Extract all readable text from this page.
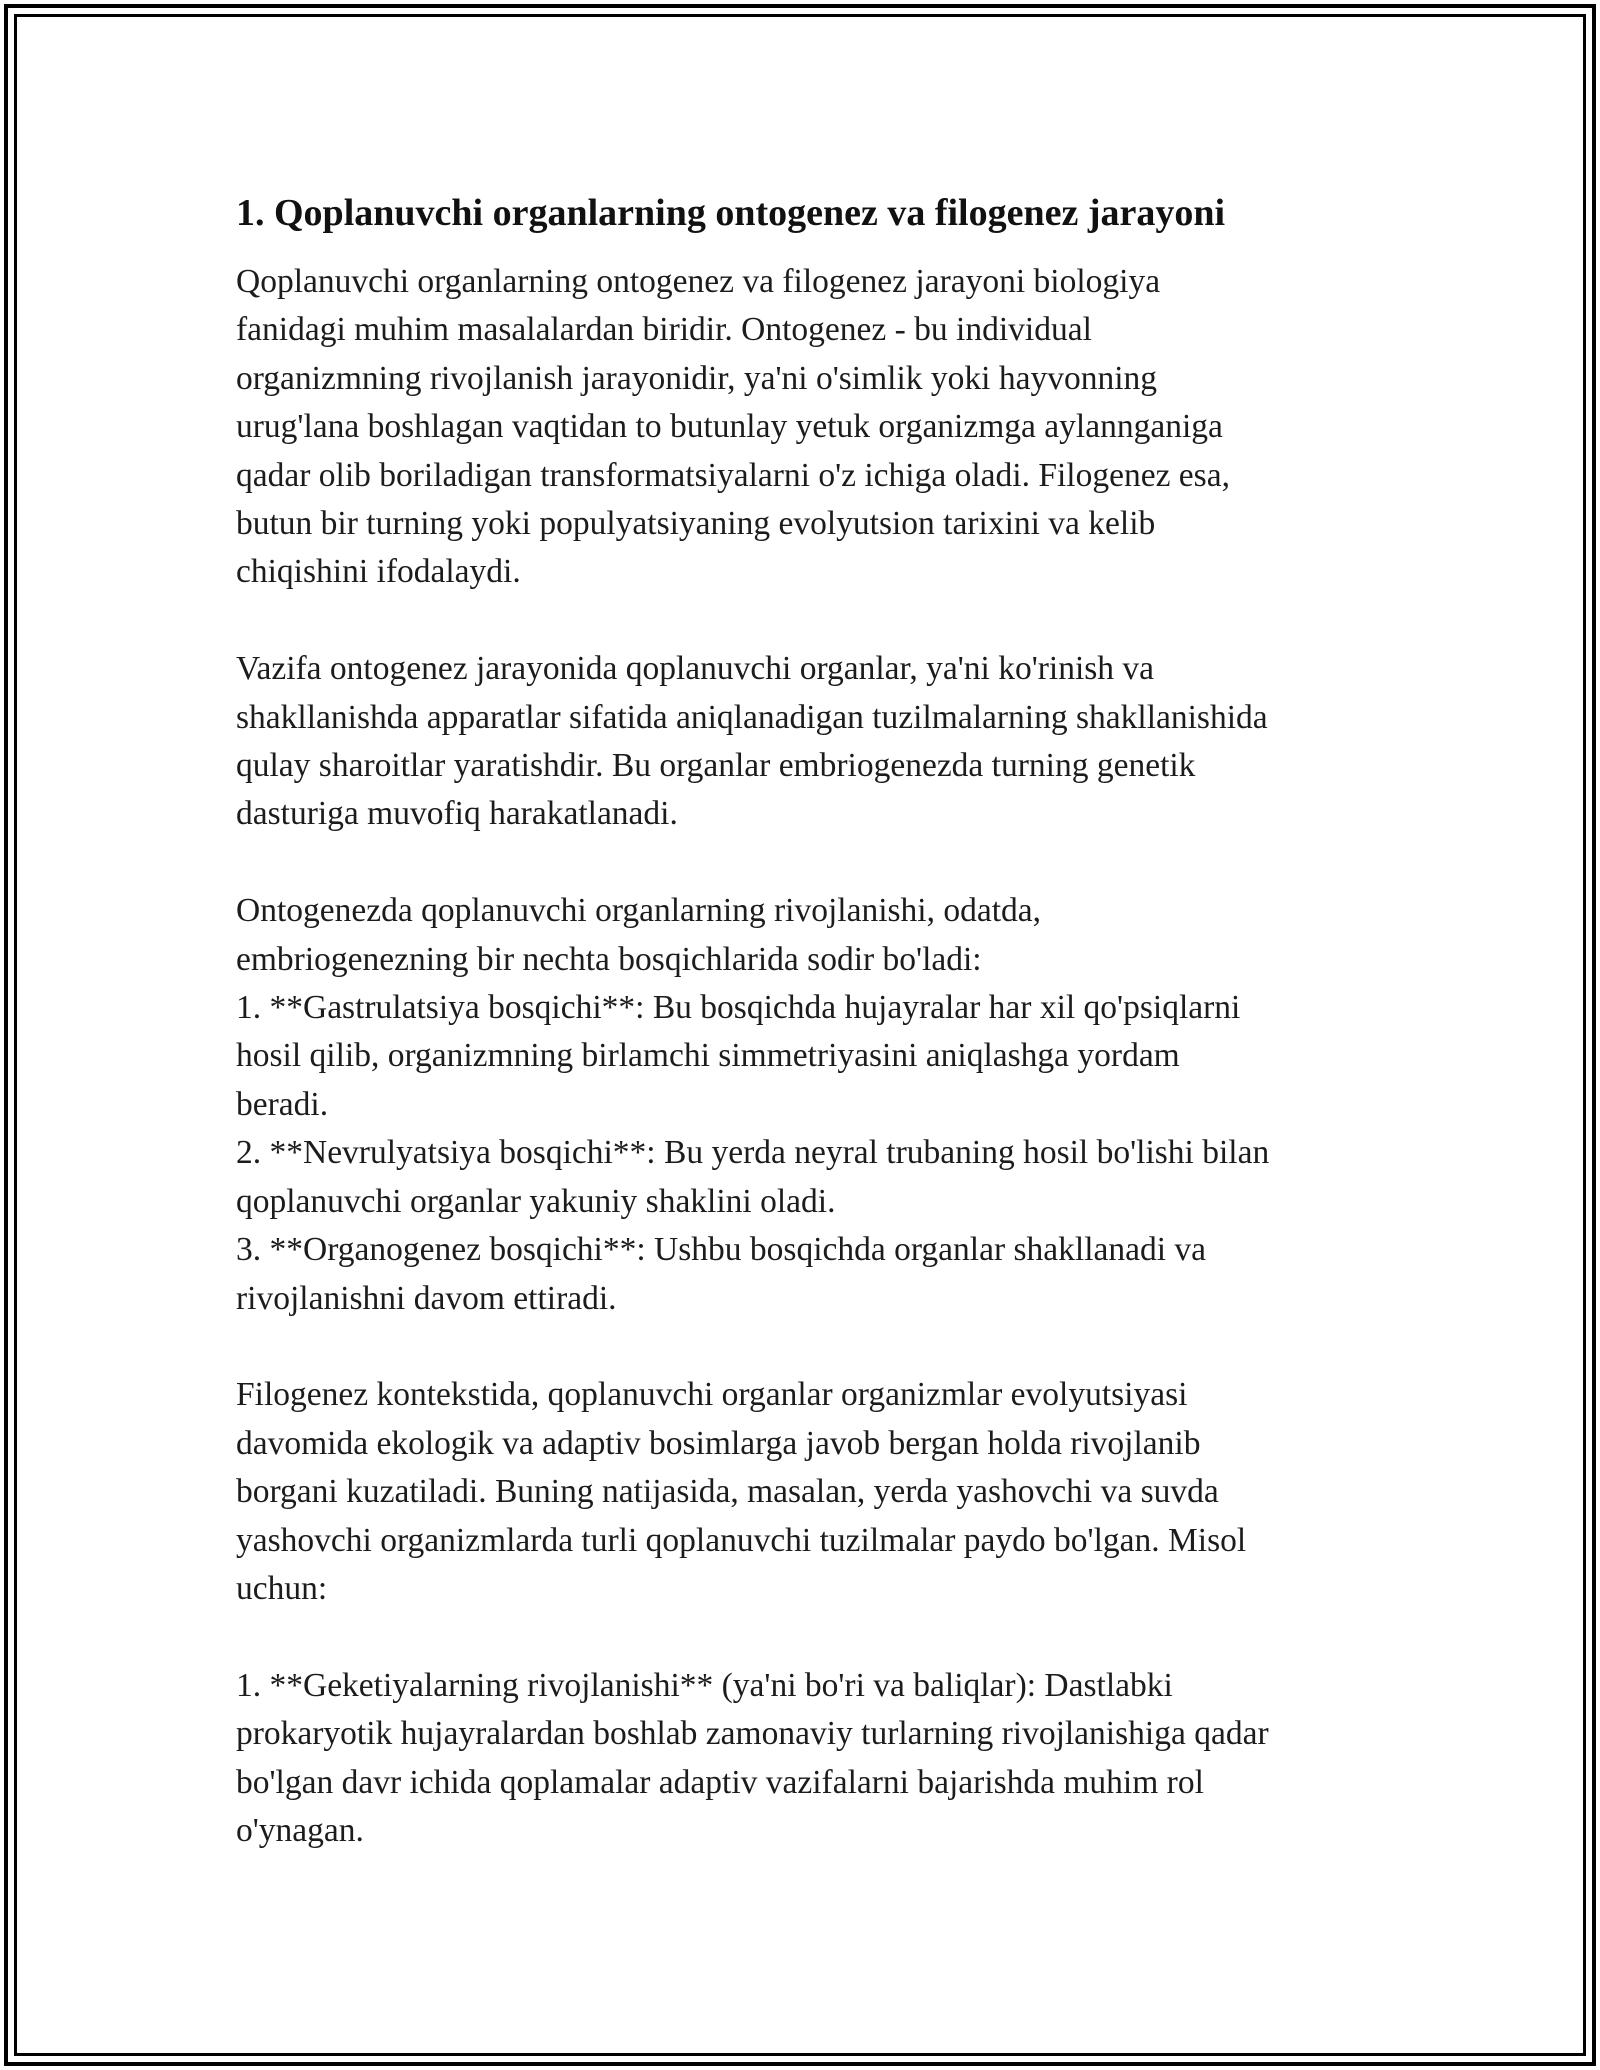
1. Qoplanuvchi organlarning ontogenez va filogenez jarayoni
Qoplanuvchi organlarning ontogenez va filogenez jarayoni biologiya
fanidagi muhim masalalardan biridir. Ontogenez - bu individual
organizmning rivojlanish jarayonidir, ya'ni o'simlik yoki hayvonning
urug'lana boshlagan vaqtidan to butunlay yetuk organizmga aylannganiga
qadar olib boriladigan transformatsiyalarni o'z ichiga oladi. Filogenez esa,
butun bir turning yoki populyatsiyaning evolyutsion tarixini va kelib
chiqishini ifodalaydi.
Vazifa ontogenez jarayonida qoplanuvchi organlar, ya'ni ko'rinish va
shakllanishda apparatlar sifatida aniqlanadigan tuzilmalarning shakllanishida
qulay sharoitlar yaratishdir. Bu organlar embriogenezda turning genetik
dasturiga muvofiq harakatlanadi.
Ontogenezda qoplanuvchi organlarning rivojlanishi, odatda,
embriogenezning bir nechta bosqichlarida sodir bo'ladi:
1. **Gastrulatsiya bosqichi**: Bu bosqichda hujayralar har xil qo'psiqlarni
hosil qilib, organizmning birlamchi simmetriyasini aniqlashga yordam
beradi.
2. **Nevrulyatsiya bosqichi**: Bu yerda neyral trubaning hosil bo'lishi bilan
qoplanuvchi organlar yakuniy shaklini oladi.
3. **Organogenez bosqichi**: Ushbu bosqichda organlar shakllanadi va
rivojlanishni davom ettiradi.
Filogenez kontekstida, qoplanuvchi organlar organizmlar evolyutsiyasi
davomida ekologik va adaptiv bosimlarga javob bergan holda rivojlanib
borgani kuzatiladi. Buning natijasida, masalan, yerda yashovchi va suvda
yashovchi organizmlarda turli qoplanuvchi tuzilmalar paydo bo'lgan. Misol
uchun:
1. **Geketiyalarning rivojlanishi** (ya'ni bo'ri va baliqlar): Dastlabki
prokaryotik hujayralardan boshlab zamonaviy turlarning rivojlanishiga qadar
bo'lgan davr ichida qoplamalar adaptiv vazifalarni bajarishda muhim rol
o'ynagan.
